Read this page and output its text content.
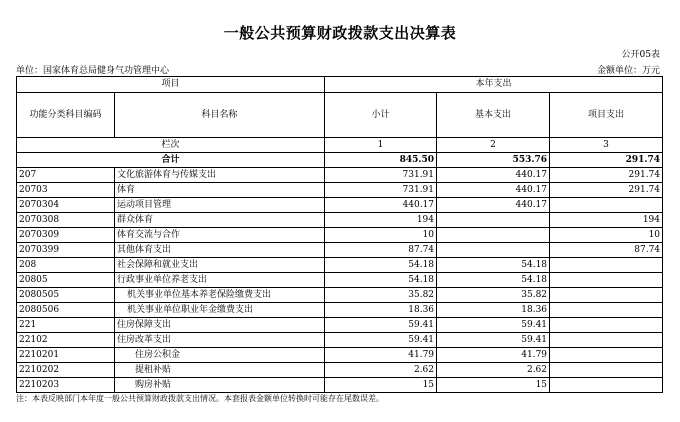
一般公共预算财政拨款支出决算表
公开05表
单位：国家体育总局健身气功管理中心	金额单位：万元
项目		本年支出		
功能分类科目编码	科目名称	小计	基本支出	项目支出
栏次		1	2	3
合计		845.50	553.76	291.74
207	文化旅游体育与传媒支出	731.91	440.17	291.74
20703	体育	731.91	440.17	291.74
2070304	运动项目管理	440.17	440.17	
2070308	群众体育	194		194
2070309	体育交流与合作	10		10
2070399	其他体育支出	87.74		87.74
208	社会保障和就业支出	54.18	54.18	
20805	行政事业单位养老支出	54.18	54.18	
2080505	机关事业单位基本养老保险缴费支出	35.82	35.82	
2080506	机关事业单位职业年金缴费支出	18.36	18.36	
221	住房保障支出	59.41	59.41	
22102	住房改革支出	59.41	59.41	
2210201	住房公积金	41.79	41.79	
2210202	提租补贴	2.62	2.62	
2210203	购房补贴	15	15	
注：本表反映部门本年度一般公共预算财政拨款支出情况。本套报表金额单位转换时可能存在尾数误差。
